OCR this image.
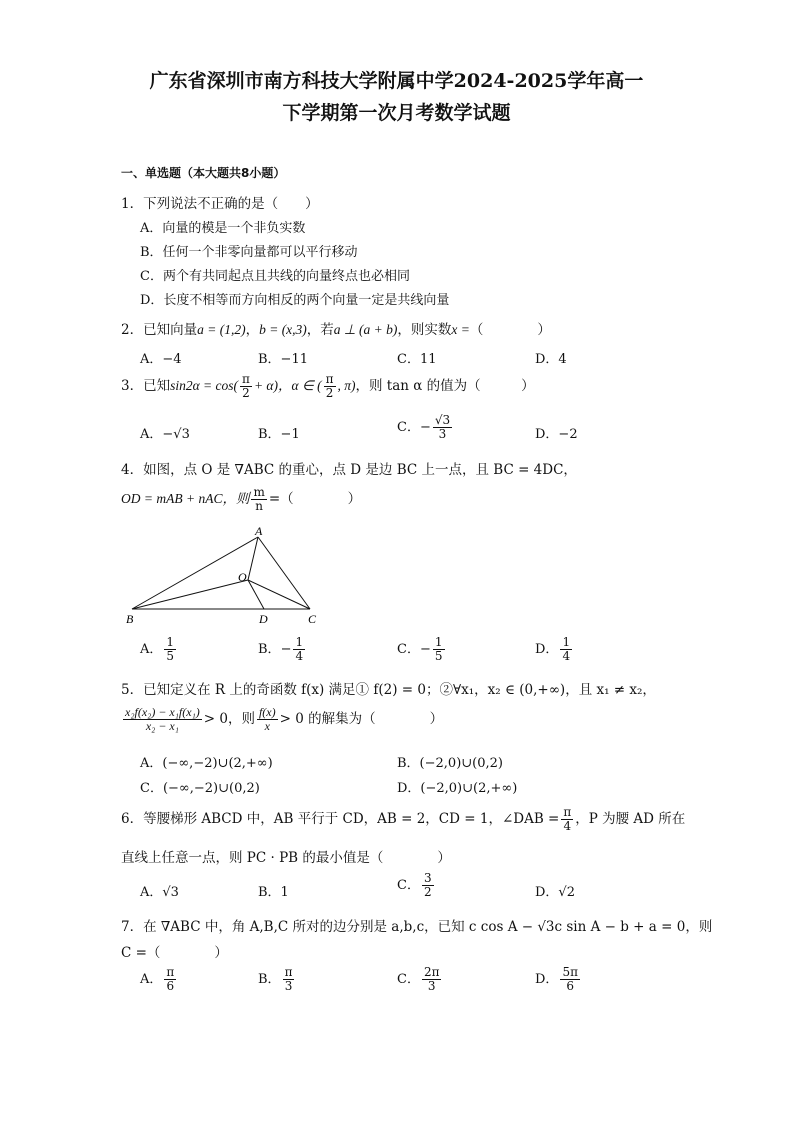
广东省深圳市南方科技大学附属中学2024-2025学年高一
下学期第一次月考数学试题
一、单选题（本大题共8小题）
1．下列说法不正确的是（　　）
A．向量的模是一个非负实数
B．任何一个非零向量都可以平行移动
C．两个有共同起点且共线的向量终点也必相同
D．长度不相等而方向相反的两个向量一定是共线向量
2．已知向量a = (1,2)，b = (x,3)，若a ⊥ (a + b)，则实数x =（　　　　）
A．−4	B．−11	C．11	D．4
3．已知$\sin 2\alpha = \cos( \frac{\pi}{2} + \alpha)$，α ∈ ( $\frac{\pi}{2}$ , π)，则 tan α 的值为（　　　）
A．−√3	B．−1	C．− $\frac{√3}{3}$	D．−2
4．如图，点 O 是 ∇ABC 的重心，点 D 是边 BC 上一点，且 BC = 4DC，
OD = mAB + nAC，则 $\frac{m}{n}$ =（　　　　）
A
B	C
D
O
A． $\frac{1}{5}$	B．− $\frac{1}{4}$	C．− $\frac{1}{5}$	D． $\frac{1}{4}$
5．已知定义在 R 上的奇函数 f(x) 满足① f(2) = 0；②∀x₁，x₂ ∈ (0,+∞)，且 x₁ ≠ x₂，
$\frac{\text{x₂f(x₂) − x₁f(x₁)}}{\text{x₂ − x₁}} > 0$，则 $\frac{f(x)}{x} > 0$ 的解集为（　　　　）
A．(−∞,−2)∪(2,+∞)	B．(−2,0)∪(0,2)
C．(−∞,−2)∪(0,2)	D．(−2,0)∪(2,+∞)
6．等腰梯形 ABCD 中，AB 平行于 CD，AB = 2，CD = 1，∠DAB = $\frac{\pi}{4}$ ，P 为腰 AD 所在
直线上任意一点，则 PC · PB 的最小值是（　　　　）
A．√3	B．1	C． $\frac{3}{2}$	D．√2
7．在 ∇ABC 中，角 A,B,C 所对的边分别是 a,b,c，已知 c cos A − √3c sin A − b + a = 0，则
C =（　　　　）
A． $\frac{\pi}{6}$	B． $\frac{\pi}{3}$	C． $\frac{2\pi}{3}$	D． $\frac{5\pi}{6}$
